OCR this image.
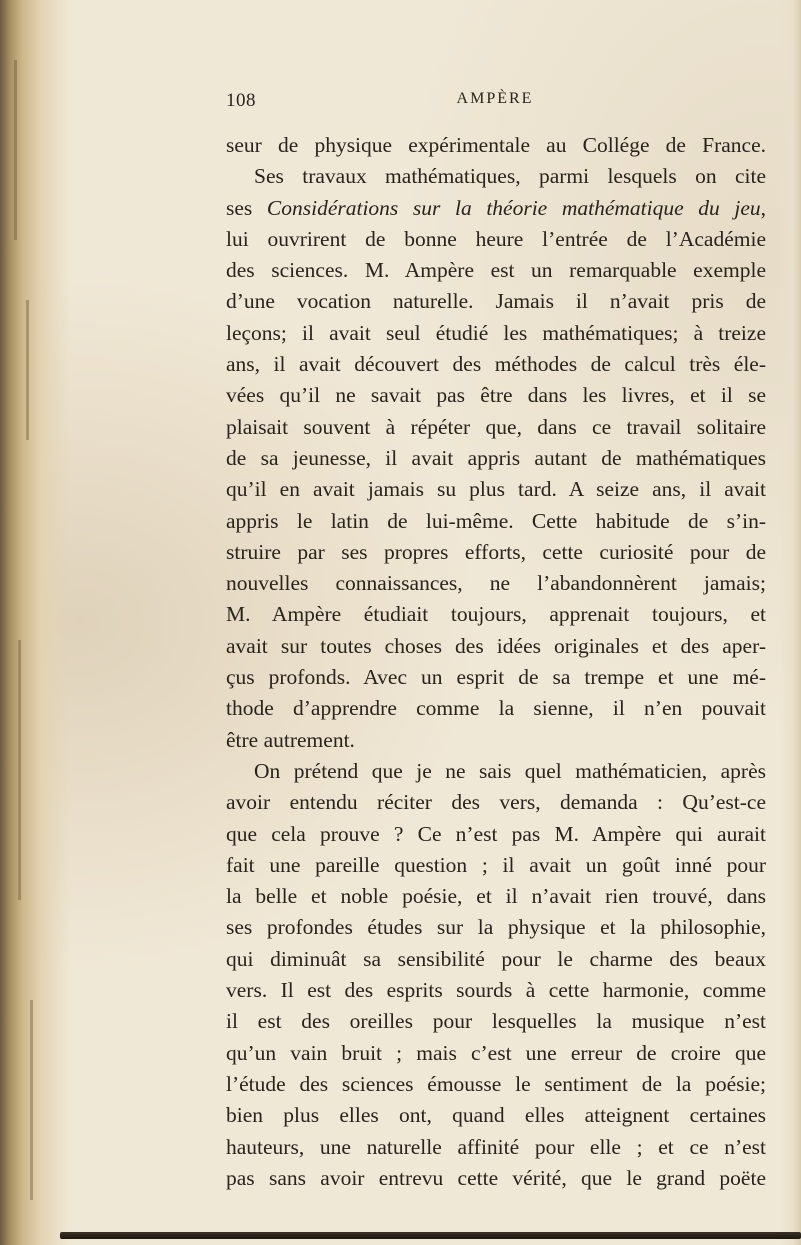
108	AMPÈRE
seur de physique expérimentale au Collége de France.
Ses travaux mathématiques, parmi lesquels on cite
ses Considérations sur la théorie mathématique du jeu,
lui ouvrirent de bonne heure l’entrée de l’Académie
des sciences. M. Ampère est un remarquable exemple
d’une vocation naturelle. Jamais il n’avait pris de
leçons; il avait seul étudié les mathématiques; à treize
ans, il avait découvert des méthodes de calcul très éle-
vées qu’il ne savait pas être dans les livres, et il se
plaisait souvent à répéter que, dans ce travail solitaire
de sa jeunesse, il avait appris autant de mathématiques
qu’il en avait jamais su plus tard. A seize ans, il avait
appris le latin de lui-même. Cette habitude de s’in-
struire par ses propres efforts, cette curiosité pour de
nouvelles connaissances, ne l’abandonnèrent jamais;
M. Ampère étudiait toujours, apprenait toujours, et
avait sur toutes choses des idées originales et des aper-
çus profonds. Avec un esprit de sa trempe et une mé-
thode d’apprendre comme la sienne, il n’en pouvait
être autrement.
On prétend que je ne sais quel mathématicien, après
avoir entendu réciter des vers, demanda : Qu’est-ce
que cela prouve ? Ce n’est pas M. Ampère qui aurait
fait une pareille question ; il avait un goût inné pour
la belle et noble poésie, et il n’avait rien trouvé, dans
ses profondes études sur la physique et la philosophie,
qui diminuât sa sensibilité pour le charme des beaux
vers. Il est des esprits sourds à cette harmonie, comme
il est des oreilles pour lesquelles la musique n’est
qu’un vain bruit ; mais c’est une erreur de croire que
l’étude des sciences émousse le sentiment de la poésie;
bien plus elles ont, quand elles atteignent certaines
hauteurs, une naturelle affinité pour elle ; et ce n’est
pas sans avoir entrevu cette vérité, que le grand poëte
